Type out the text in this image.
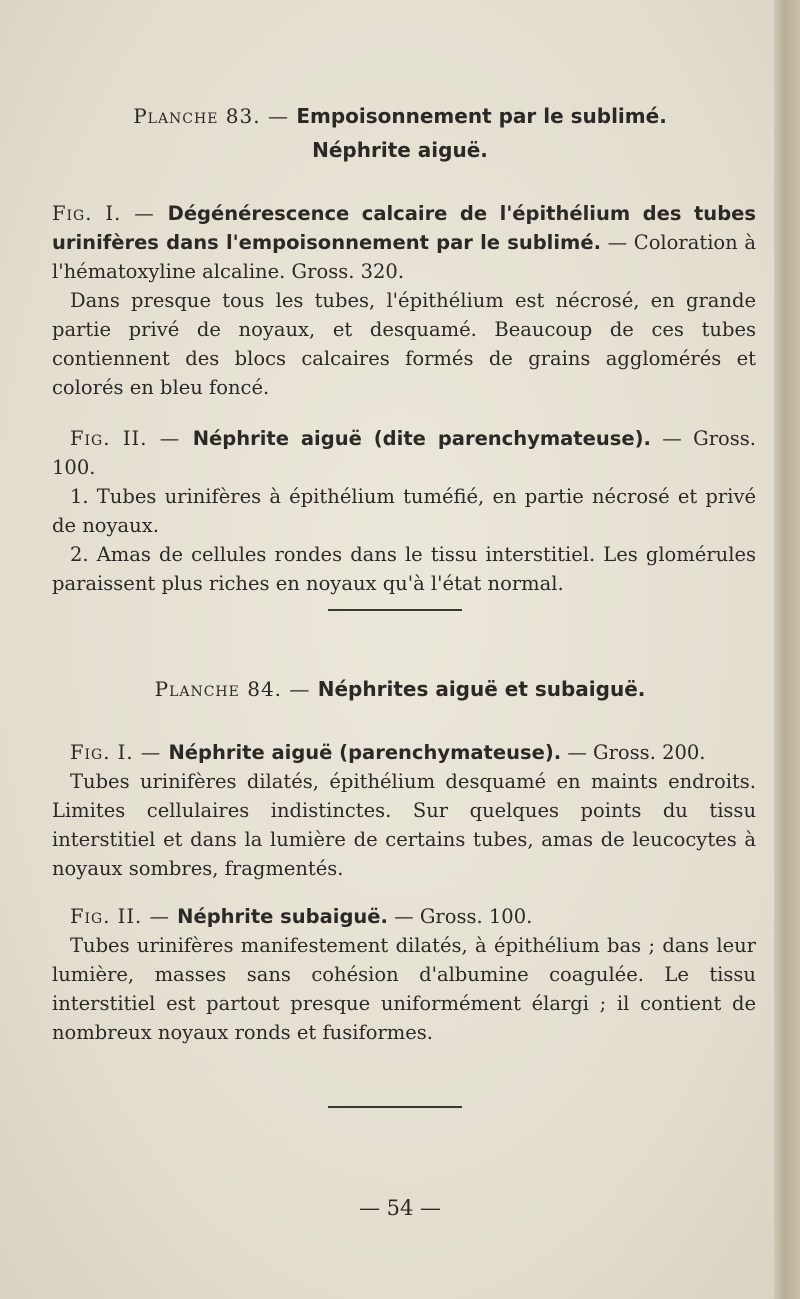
Planche 83. — Empoisonnement par le sublimé.
Néphrite aiguë.

Fig. I. — Dégénérescence calcaire de l'épithélium des tubes urinifères dans l'empoisonnement par le sublimé. — Coloration à l'hématoxyline alcaline. Gross. 320.

Dans presque tous les tubes, l'épithélium est nécrosé, en grande partie privé de noyaux, et desquamé. Beaucoup de ces tubes contiennent des blocs calcaires formés de grains agglomérés et colorés en bleu foncé.

Fig. II. — Néphrite aiguë (dite parenchymateuse). — Gross. 100.

1. Tubes urinifères à épithélium tuméfié, en partie nécrosé et privé de noyaux.

2. Amas de cellules rondes dans le tissu interstitiel. Les glomérules paraissent plus riches en noyaux qu'à l'état normal.

Planche 84. — Néphrites aiguë et subaiguë.

Fig. I. — Néphrite aiguë (parenchymateuse). — Gross. 200.

Tubes urinifères dilatés, épithélium desquamé en maints endroits. Limites cellulaires indistinctes. Sur quelques points du tissu interstitiel et dans la lumière de certains tubes, amas de leucocytes à noyaux sombres, fragmentés.

Fig. II. — Néphrite subaiguë. — Gross. 100.

Tubes urinifères manifestement dilatés, à épithélium bas ; dans leur lumière, masses sans cohésion d'albumine coagulée. Le tissu interstitiel est partout presque uniformément élargi ; il contient de nombreux noyaux ronds et fusiformes.

— 54 —
